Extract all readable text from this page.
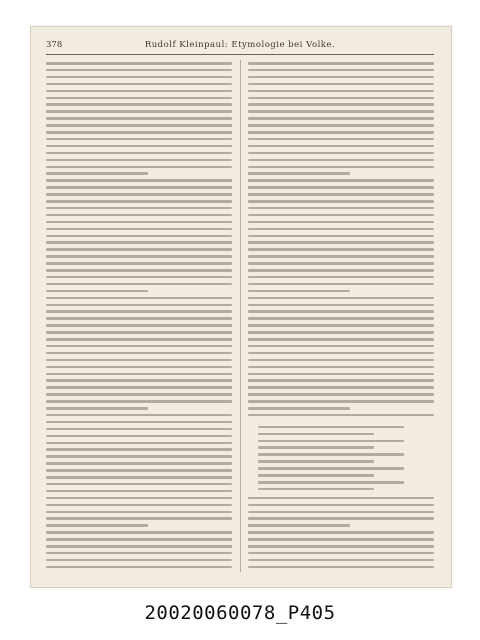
378	Rudolf Kleinpaul: Etymologie bei Volke.
20020060078_P405
